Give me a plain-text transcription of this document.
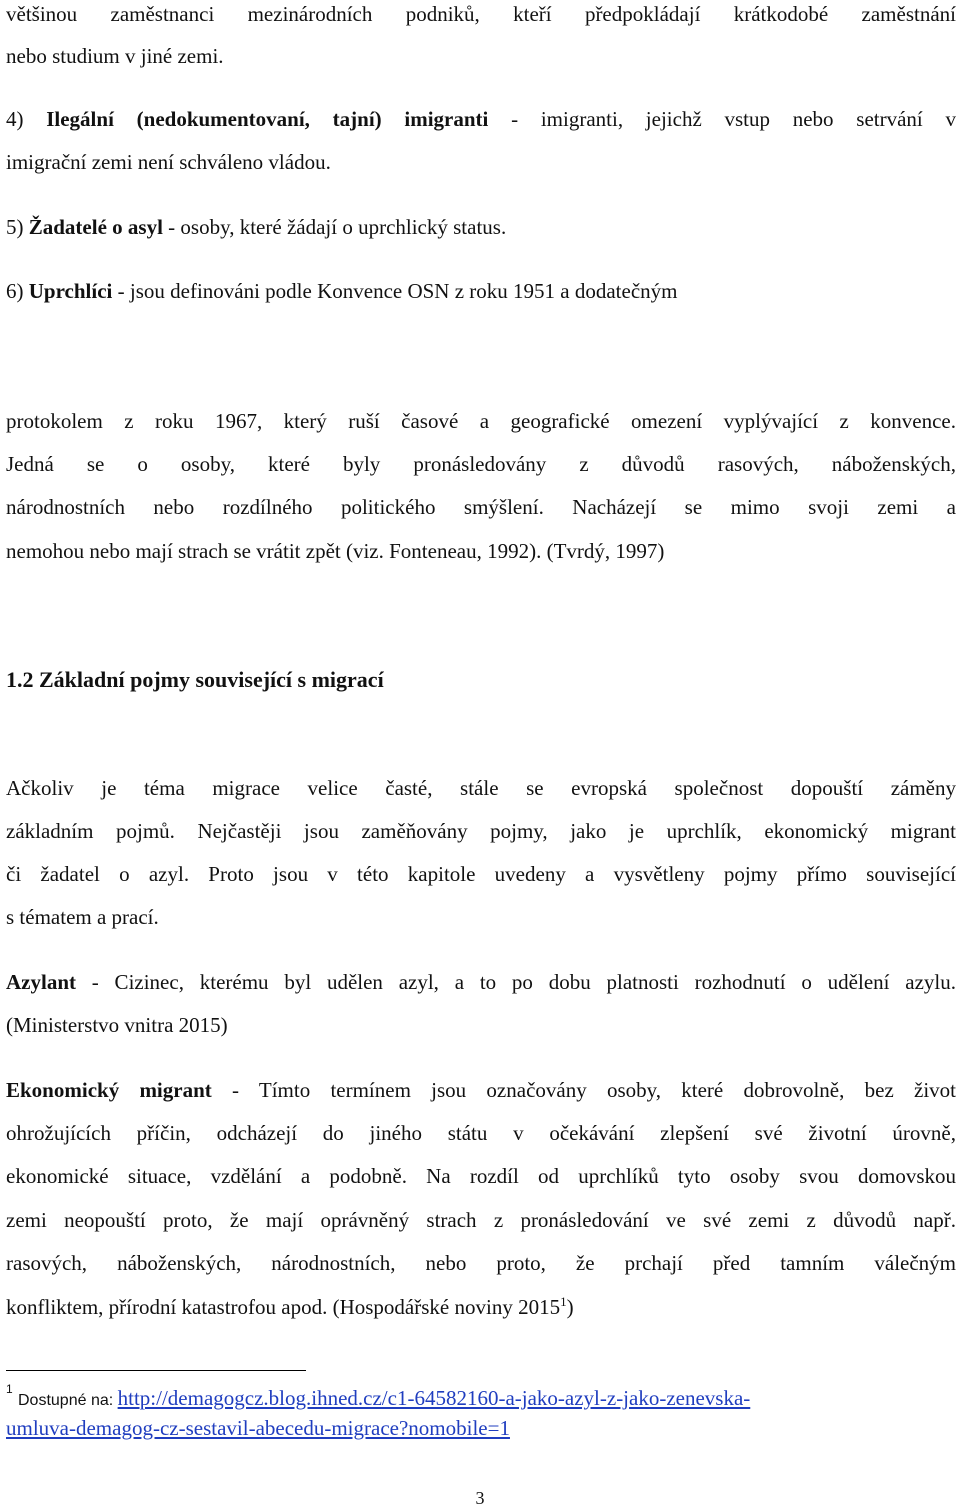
většinou zaměstnanci mezinárodních podniků, kteří předpokládají krátkodobé zaměstnání
nebo studium v jiné zemi.
4) Ilegální (nedokumentovaní, tajní) imigranti - imigranti, jejichž vstup nebo setrvání v
imigrační zemi není schváleno vládou.
5) Žadatelé o asyl - osoby, které žádají o uprchlický status.
6) Uprchlíci - jsou definováni podle Konvence OSN z roku 1951 a dodatečným
protokolem z roku 1967, který ruší časové a geografické omezení vyplývající z konvence.
Jedná se o osoby, které byly pronásledovány z důvodů rasových, náboženských,
národnostních nebo rozdílného politického smýšlení. Nacházejí se mimo svoji zemi a
nemohou nebo mají strach se vrátit zpět (viz. Fonteneau, 1992). (Tvrdý, 1997)
1.2 Základní pojmy související s migrací
Ačkoliv je téma migrace velice časté, stále se evropská společnost dopouští záměny
základním pojmů. Nejčastěji jsou zaměňovány pojmy, jako je uprchlík, ekonomický migrant
či žadatel o azyl. Proto jsou v této kapitole uvedeny a vysvětleny pojmy přímo související
s tématem a prací.
Azylant - Cizinec, kterému byl udělen azyl, a to po dobu platnosti rozhodnutí o udělení azylu.
(Ministerstvo vnitra 2015)
Ekonomický migrant - Tímto termínem jsou označovány osoby, které dobrovolně, bez život
ohrožujících příčin, odcházejí do jiného státu v očekávání zlepšení své životní úrovně,
ekonomické situace, vzdělání a podobně. Na rozdíl od uprchlíků tyto osoby svou domovskou
zemi neopouští proto, že mají oprávněný strach z pronásledování ve své zemi z důvodů např.
rasových, náboženských, národnostních, nebo proto, že prchají před tamním válečným
konfliktem, přírodní katastrofou apod. (Hospodářské noviny 2015$^1$)
1
Dostupné na: http://demagogcz.blog.ihned.cz/c1-64582160-a-jako-azyl-z-jako-zenevska-
umluva-demagog-cz-sestavil-abecedu-migrace?nomobile=1
3
